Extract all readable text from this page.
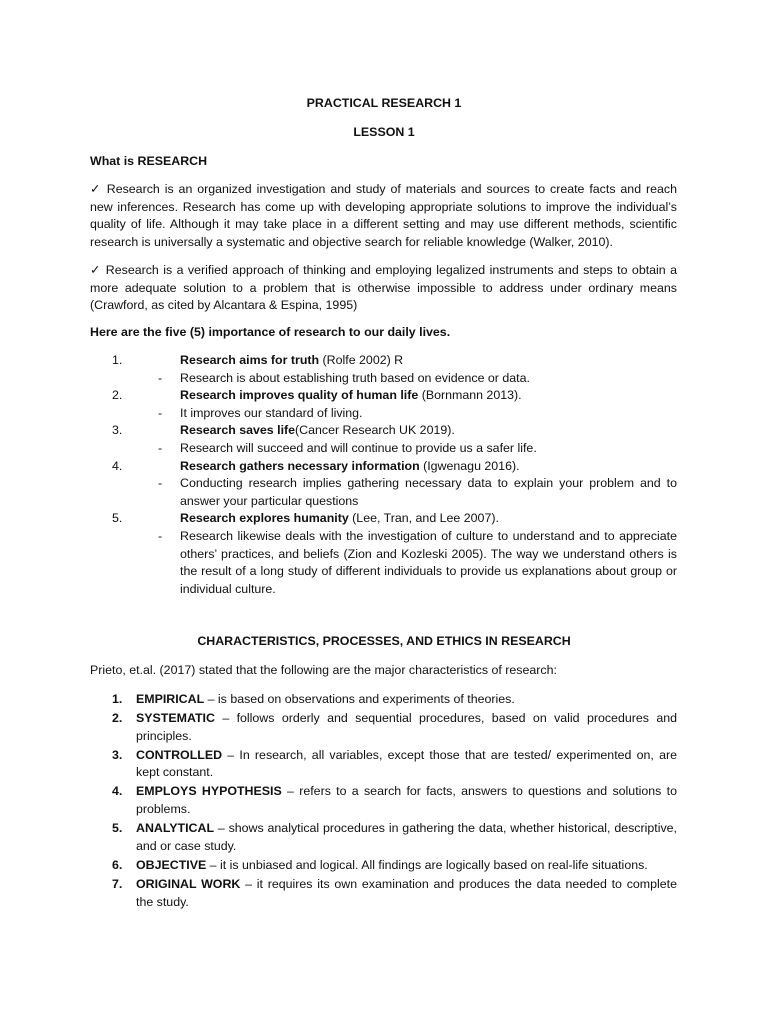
PRACTICAL RESEARCH 1
LESSON 1
What is RESEARCH
✓ Research is an organized investigation and study of materials and sources to create facts and reach new inferences. Research has come up with developing appropriate solutions to improve the individual’s quality of life. Although it may take place in a different setting and may use different methods, scientific research is universally a systematic and objective search for reliable knowledge (Walker, 2010).
✓ Research is a verified approach of thinking and employing legalized instruments and steps to obtain a more adequate solution to a problem that is otherwise impossible to address under ordinary means (Crawford, as cited by Alcantara & Espina, 1995)
Here are the five (5) importance of research to our daily lives.
1.	Research aims for truth (Rolfe 2002) R
- Research is about establishing truth based on evidence or data.
2.	Research improves quality of human life (Bornmann 2013).
- It improves our standard of living.
3.	Research saves life(Cancer Research UK 2019).
- Research will succeed and will continue to provide us a safer life.
4.	Research gathers necessary information (Igwenagu 2016).
- Conducting research implies gathering necessary data to explain your problem and to answer your particular questions
5.	Research explores humanity (Lee, Tran, and Lee 2007).
- Research likewise deals with the investigation of culture to understand and to appreciate others’ practices, and beliefs (Zion and Kozleski 2005). The way we understand others is the result of a long study of different individuals to provide us explanations about group or individual culture.
CHARACTERISTICS, PROCESSES, AND ETHICS IN RESEARCH
Prieto, et.al. (2017) stated that the following are the major characteristics of research:
1. EMPIRICAL – is based on observations and experiments of theories.
2. SYSTEMATIC – follows orderly and sequential procedures, based on valid procedures and principles.
3. CONTROLLED – In research, all variables, except those that are tested/ experimented on, are kept constant.
4. EMPLOYS HYPOTHESIS – refers to a search for facts, answers to questions and solutions to problems.
5. ANALYTICAL – shows analytical procedures in gathering the data, whether historical, descriptive, and or case study.
6. OBJECTIVE – it is unbiased and logical. All findings are logically based on real-life situations.
7. ORIGINAL WORK – it requires its own examination and produces the data needed to complete the study.
